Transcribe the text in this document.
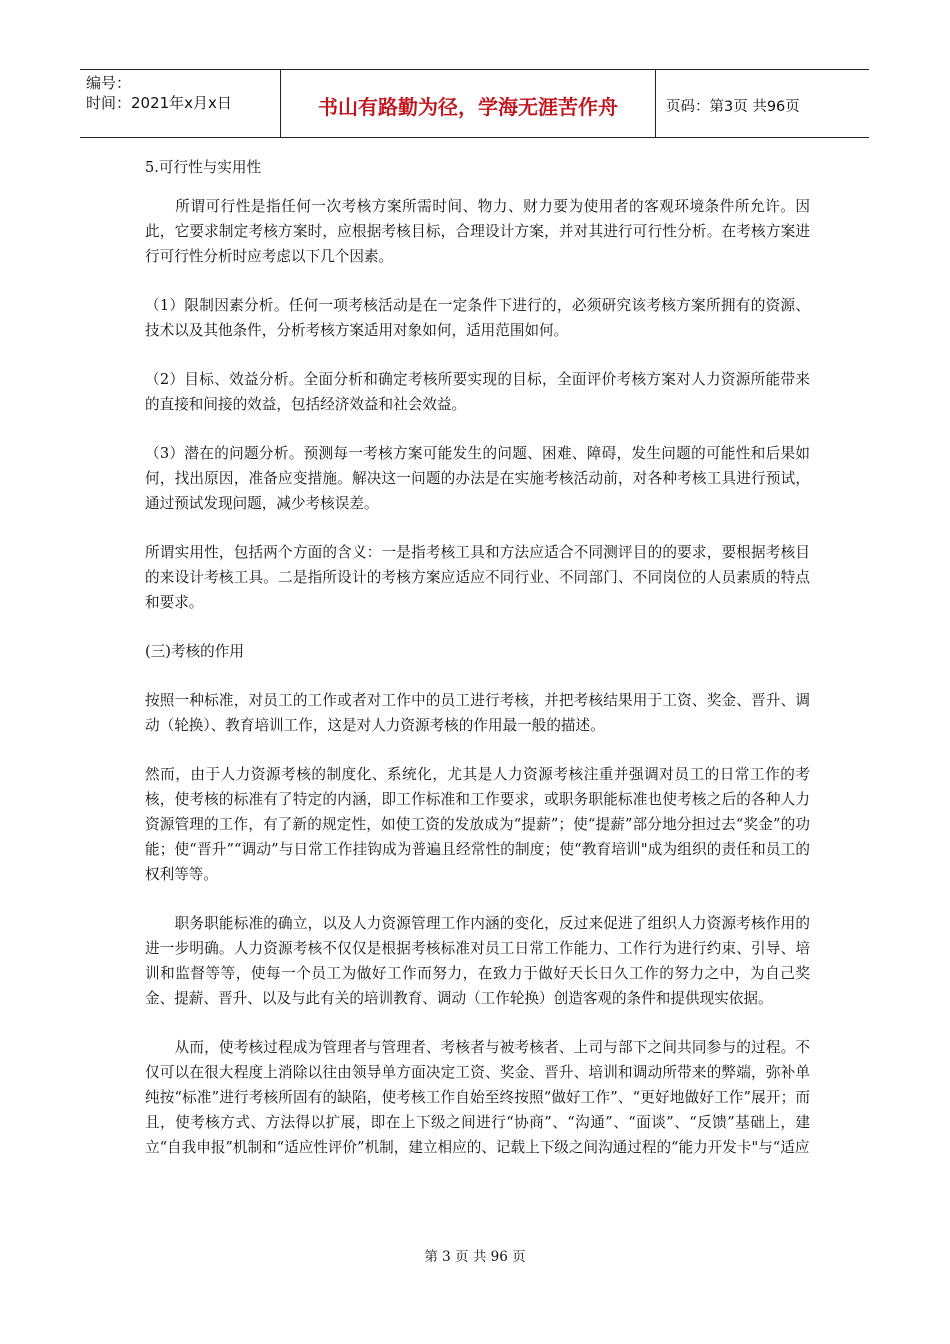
编号：
时间：2021年x月x日	书山有路勤为径，学海无涯苦作舟	页码：第3页 共96页

5.可行性与实用性

　　所谓可行性是指任何一次考核方案所需时间、物力、财力要为使用者的客观环境条件所允许。因此，它要求制定考核方案时，应根据考核目标，合理设计方案，并对其进行可行性分析。在考核方案进行可行性分析时应考虑以下几个因素。

（1）限制因素分析。任何一项考核活动是在一定条件下进行的，必须研究该考核方案所拥有的资源、技术以及其他条件，分析考核方案适用对象如何，适用范围如何。

（2）目标、效益分析。全面分析和确定考核所要实现的目标，全面评价考核方案对人力资源所能带来的直接和间接的效益，包括经济效益和社会效益。

（3）潜在的问题分析。预测每一考核方案可能发生的问题、困难、障碍，发生问题的可能性和后果如何，找出原因，准备应变措施。解决这一问题的办法是在实施考核活动前，对各种考核工具进行预试，通过预试发现问题，减少考核误差。

所谓实用性，包括两个方面的含义：一是指考核工具和方法应适合不同测评目的的要求，要根据考核目的来设计考核工具。二是指所设计的考核方案应适应不同行业、不同部门、不同岗位的人员素质的特点和要求。

(三)考核的作用

按照一种标准，对员工的工作或者对工作中的员工进行考核，并把考核结果用于工资、奖金、晋升、调动（轮换）、教育培训工作，这是对人力资源考核的作用最一般的描述。

然而，由于人力资源考核的制度化、系统化，尤其是人力资源考核注重并强调对员工的日常工作的考核，使考核的标准有了特定的内涵，即工作标准和工作要求，或职务职能标准也使考核之后的各种人力资源管理的工作，有了新的规定性，如使工资的发放成为“提薪”；使“提薪”部分地分担过去“奖金”的功能；使“晋升”“调动”与日常工作挂钩成为普遍且经常性的制度；使“教育培训"成为组织的责任和员工的权利等等。

　　职务职能标准的确立，以及人力资源管理工作内涵的变化，反过来促进了组织人力资源考核作用的进一步明确。人力资源考核不仅仅是根据考核标准对员工日常工作能力、工作行为进行约束、引导、培训和监督等等，使每一个员工为做好工作而努力，在致力于做好天长日久工作的努力之中，为自己奖金、提薪、晋升、以及与此有关的培训教育、调动（工作轮换）创造客观的条件和提供现实依据。

　　从而，使考核过程成为管理者与管理者、考核者与被考核者、上司与部下之间共同参与的过程。不仅可以在很大程度上消除以往由领导单方面决定工资、奖金、晋升、培训和调动所带来的弊端，弥补单纯按“标准”进行考核所固有的缺陷，使考核工作自始至终按照“做好工作”、“更好地做好工作”展开；而且，使考核方式、方法得以扩展，即在上下级之间进行“协商”、“沟通”、“面谈”、“反馈”基础上，建立“自我申报”机制和“适应性评价”机制，建立相应的、记载上下级之间沟通过程的“能力开发卡"与“适应

第 3 页 共 96 页
